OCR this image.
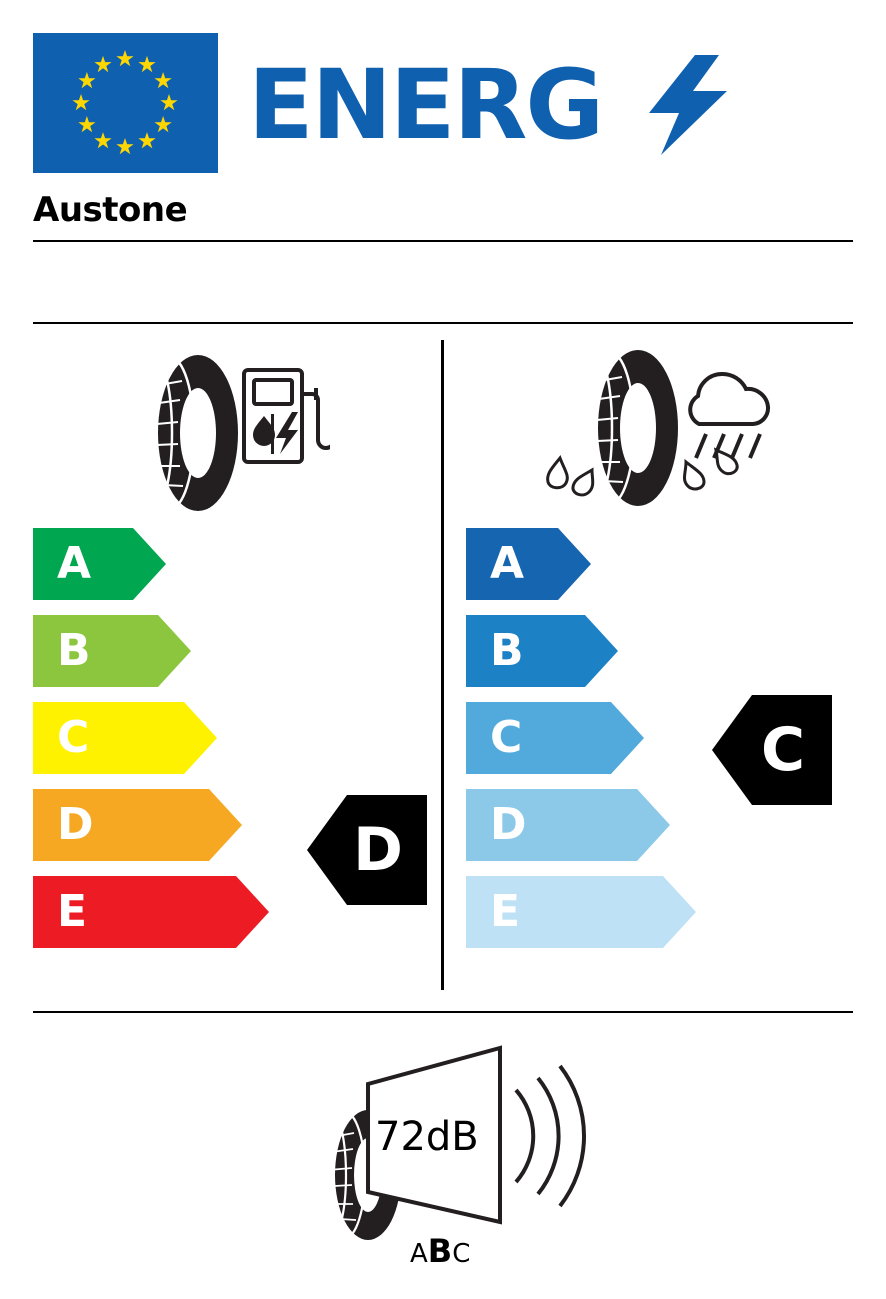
ENERG
Austone
A
B
C
D
E
A
B
C
D
E
D
C
72dB
ABC
